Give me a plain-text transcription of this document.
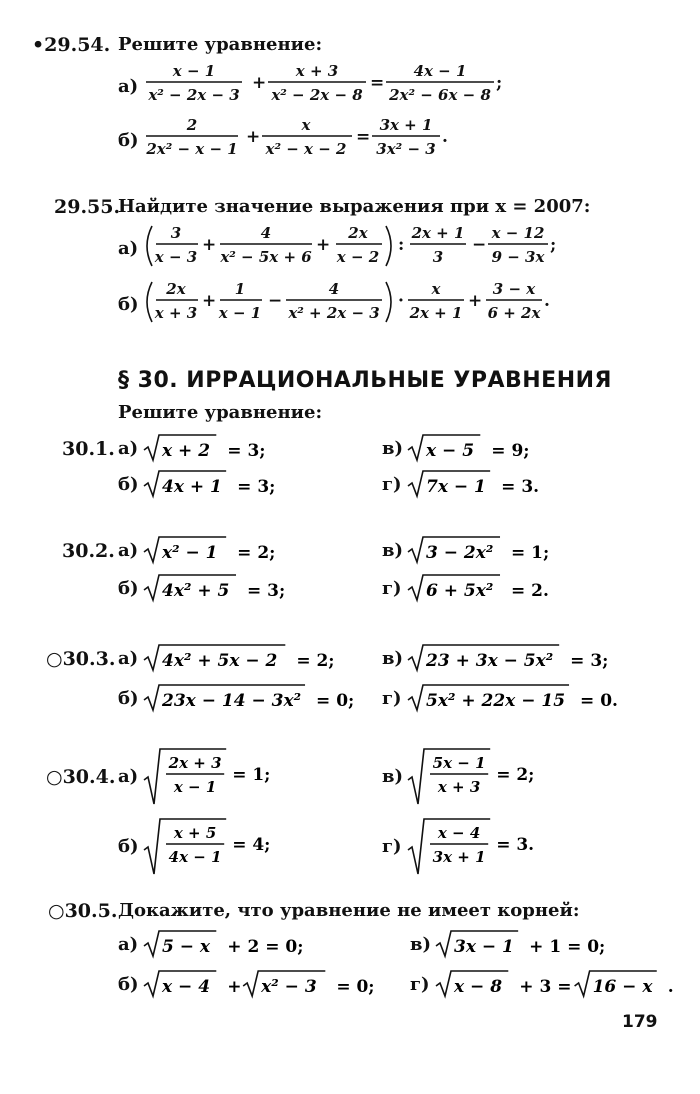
•29.54. Решите уравнение:
а)
x − 1
x² − 2x − 3
+
x + 3
x² − 2x − 8
=
4x − 1
2x² − 6x − 8
;
б)
2
2x² − x − 1
+
x
x² − x − 2
=
3x + 1
3x² − 3
.
29.55.
Найдите значение выражения при x = 2007:
а)
3
x − 3
+
4
x² − 5x + 6
+
2x
x − 2
:
2x + 1
3
−
x − 12
9 − 3x
;
б)
2x
x + 3
+
1
x − 1
−
4
x² + 2x − 3
·
x
2x + 1
+
3 − x
6 + 2x
.
§ 30. ИРРАЦИОНАЛЬНЫЕ УРАВНЕНИЯ
Решите уравнение:
30.1. а) x + 2 = 3;	в) x − 5 = 9;
б) 4x + 1 = 3;	г) 7x − 1 = 3.
30.2. а) x² − 1 = 2;	в) 3 − 2x² = 1;
б) 4x² + 5 = 3;	г) 6 + 5x² = 2.
○30.3. а) 4x² + 5x − 2 = 2;	в) 23 + 3x − 5x² = 3;
б) 23x − 14 − 3x² = 0; г) 5x² + 22x − 15 = 0.
○30.4. а)
2x + 3
x − 1
= 1;	в)
5x − 1
x + 3
= 2;
б)
x + 5
4x − 1
= 4;	г)
x − 4
3x + 1
= 3.
○30.5. Докажите, что уравнение не имеет корней:
а) 5 − x + 2 = 0;	в) 3x − 1 + 1 = 0;
б) x − 4 + x² − 3 = 0; г) x − 8 + 3 = 16 − x .
179
